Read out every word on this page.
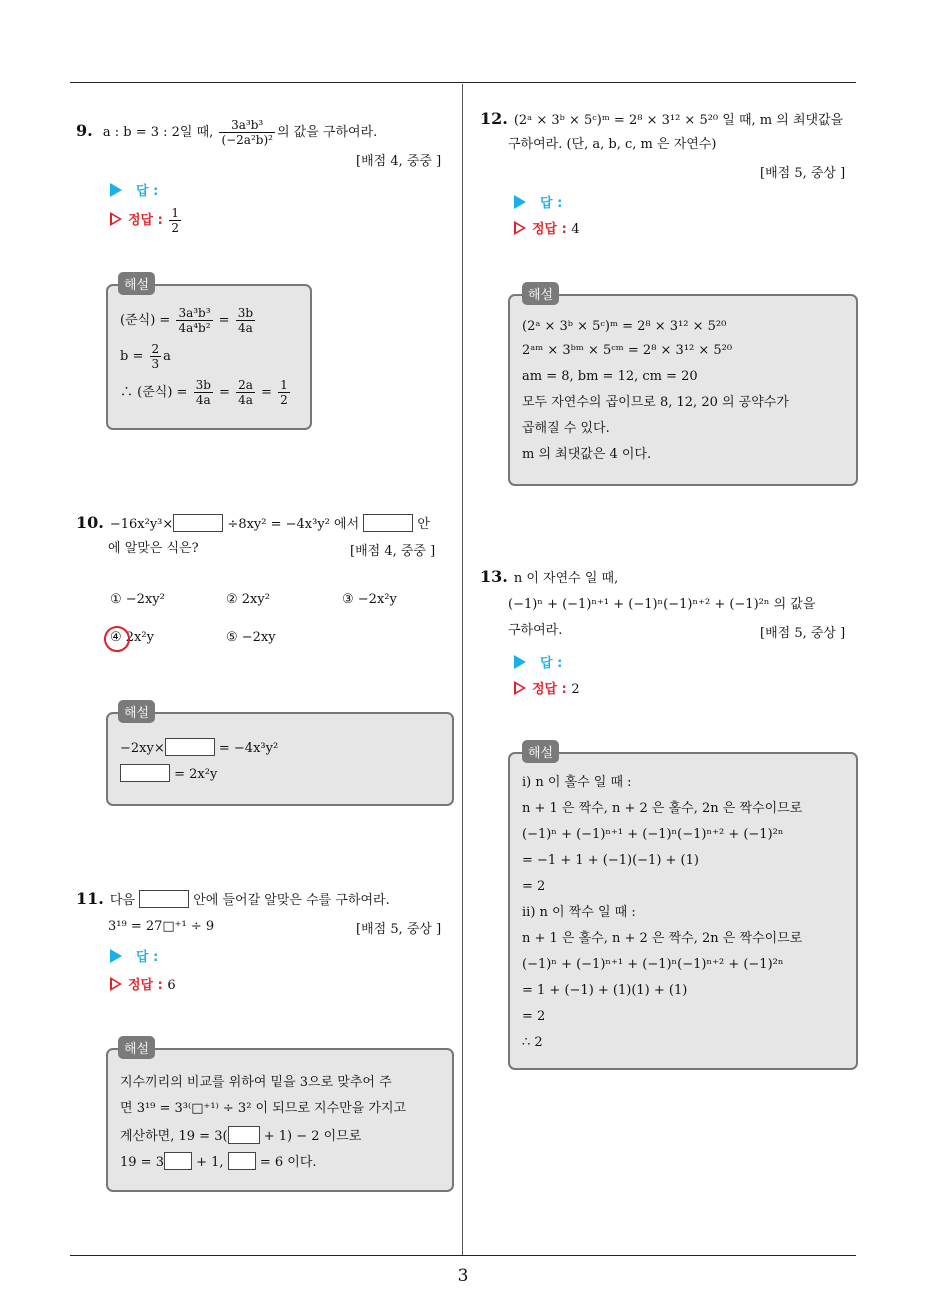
3
9. a : b = 3 : 2일 때, $\frac{\text{3a³b³}}{\text{(−2a²b)²}}$ 의 값을 구하여라.
[배점 4, 중중 ]
답 :
정답 : $\frac{1}{2}$
(준식) = $\frac{\text{3a³b³}}{\text{4a⁴b²}} = \frac{3b}{4a}$
$b = \frac{2}{3}$ a
∴ (준식) = $\frac{3b}{4a} = \frac{2a}{4a} = \frac{1}{2}$
해설
10. −16x²y³×	÷8xy² = −4x³y² 에서	안
에 알맞은 식은?	[배점 4, 중중 ]
① −2xy²	② 2xy²	③ −2x²y
④ 2x²y	⑤ −2xy
−2xy×	= −4x³y²
= 2x²y
해설
11. 다음	안에 들어갈 알맞은 수를 구하여라.
3¹⁹ = 27□⁺¹ ÷ 9	[배점 5, 중상 ]
답 :
정답 : 6
지수끼리의 비교를 위하여 밑을 3으로 맞추어 주
면 3¹⁹ = 3³⁽□⁺¹⁾ ÷ 3² 이 되므로 지수만을 가지고
계산하면, 19 = 3(	+ 1) − 2 이므로
19 = 3 + 1,	= 6 이다.
해설
12. (2ᵃ × 3ᵇ × 5ᶜ)ᵐ = 2⁸ × 3¹² × 5²⁰ 일 때, m 의 최댓값을
구하여라. (단, a, b, c, m 은 자연수)
[배점 5, 중상 ]
답 :
정답 : 4
(2ᵃ × 3ᵇ × 5ᶜ)ᵐ = 2⁸ × 3¹² × 5²⁰
2ᵃᵐ × 3ᵇᵐ × 5ᶜᵐ = 2⁸ × 3¹² × 5²⁰
am = 8, bm = 12, cm = 20
모두 자연수의 곱이므로 8, 12, 20 의 공약수가
곱해질 수 있다.
m 의 최댓값은 4 이다.
해설
13. n 이 자연수 일 때,
(−1)ⁿ + (−1)ⁿ⁺¹ + (−1)ⁿ(−1)ⁿ⁺² + (−1)²ⁿ 의 값을
구하여라.	[배점 5, 중상 ]
답 :
정답 : 2
i) n 이 홀수 일 때 :
n + 1 은 짝수, n + 2 은 홀수, 2n 은 짝수이므로
(−1)ⁿ + (−1)ⁿ⁺¹ + (−1)ⁿ(−1)ⁿ⁺² + (−1)²ⁿ
= −1 + 1 + (−1)(−1) + (1)
= 2
ii) n 이 짝수 일 때 :
n + 1 은 홀수, n + 2 은 짝수, 2n 은 짝수이므로
(−1)ⁿ + (−1)ⁿ⁺¹ + (−1)ⁿ(−1)ⁿ⁺² + (−1)²ⁿ
= 1 + (−1) + (1)(1) + (1)
= 2
∴ 2
해설
